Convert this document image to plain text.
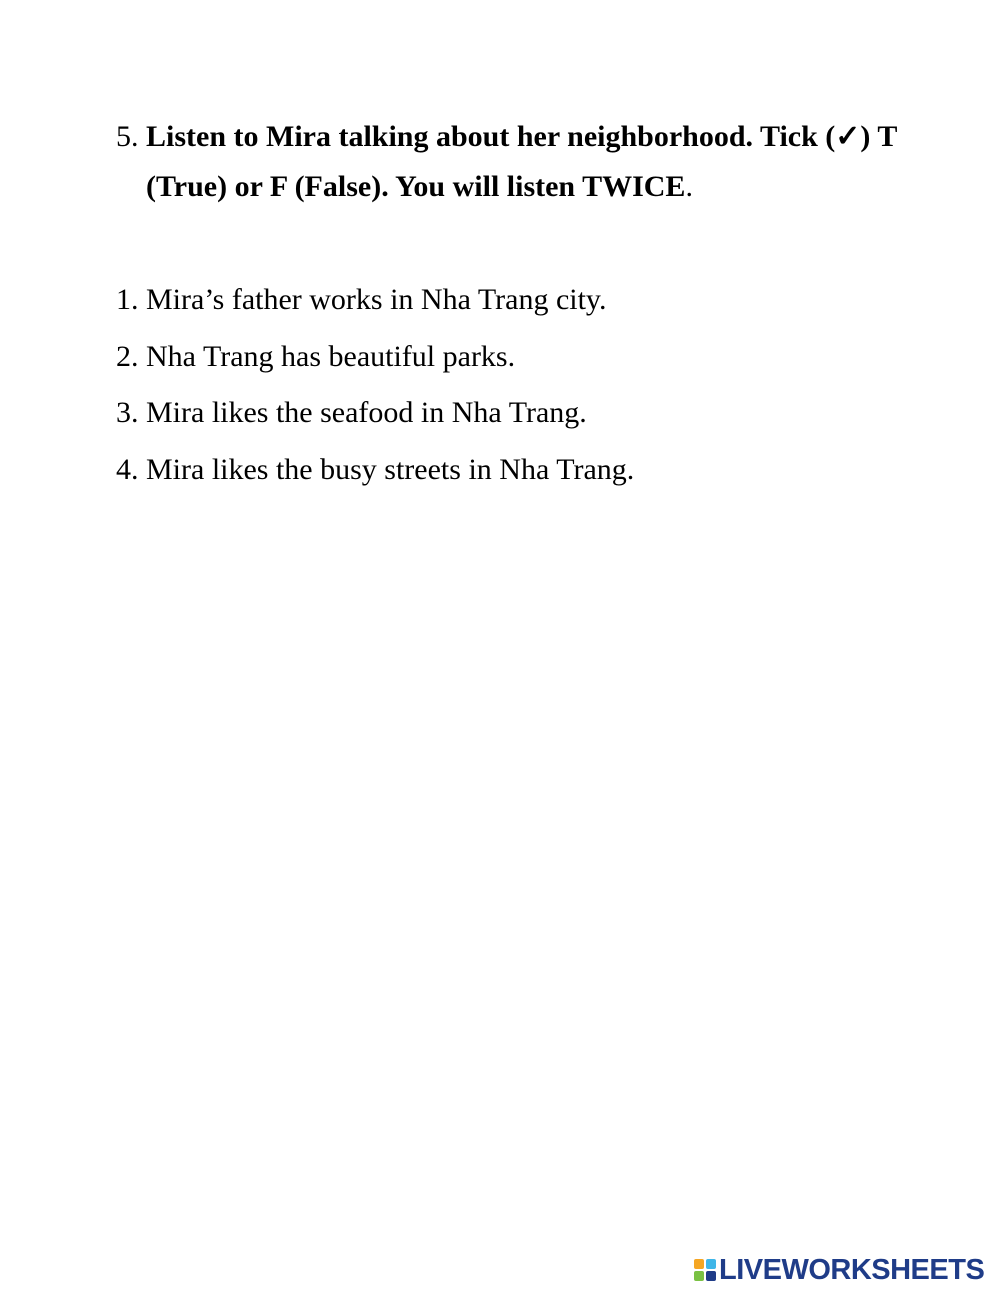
5. Listen to Mira talking about her neighborhood. Tick (✓) T (True) or F (False). You will listen TWICE.
1. Mira’s father works in Nha Trang city.
2. Nha Trang has beautiful parks.
3. Mira likes the seafood in Nha Trang.
4. Mira likes the busy streets in Nha Trang.
LIVEWORKSHEETS
